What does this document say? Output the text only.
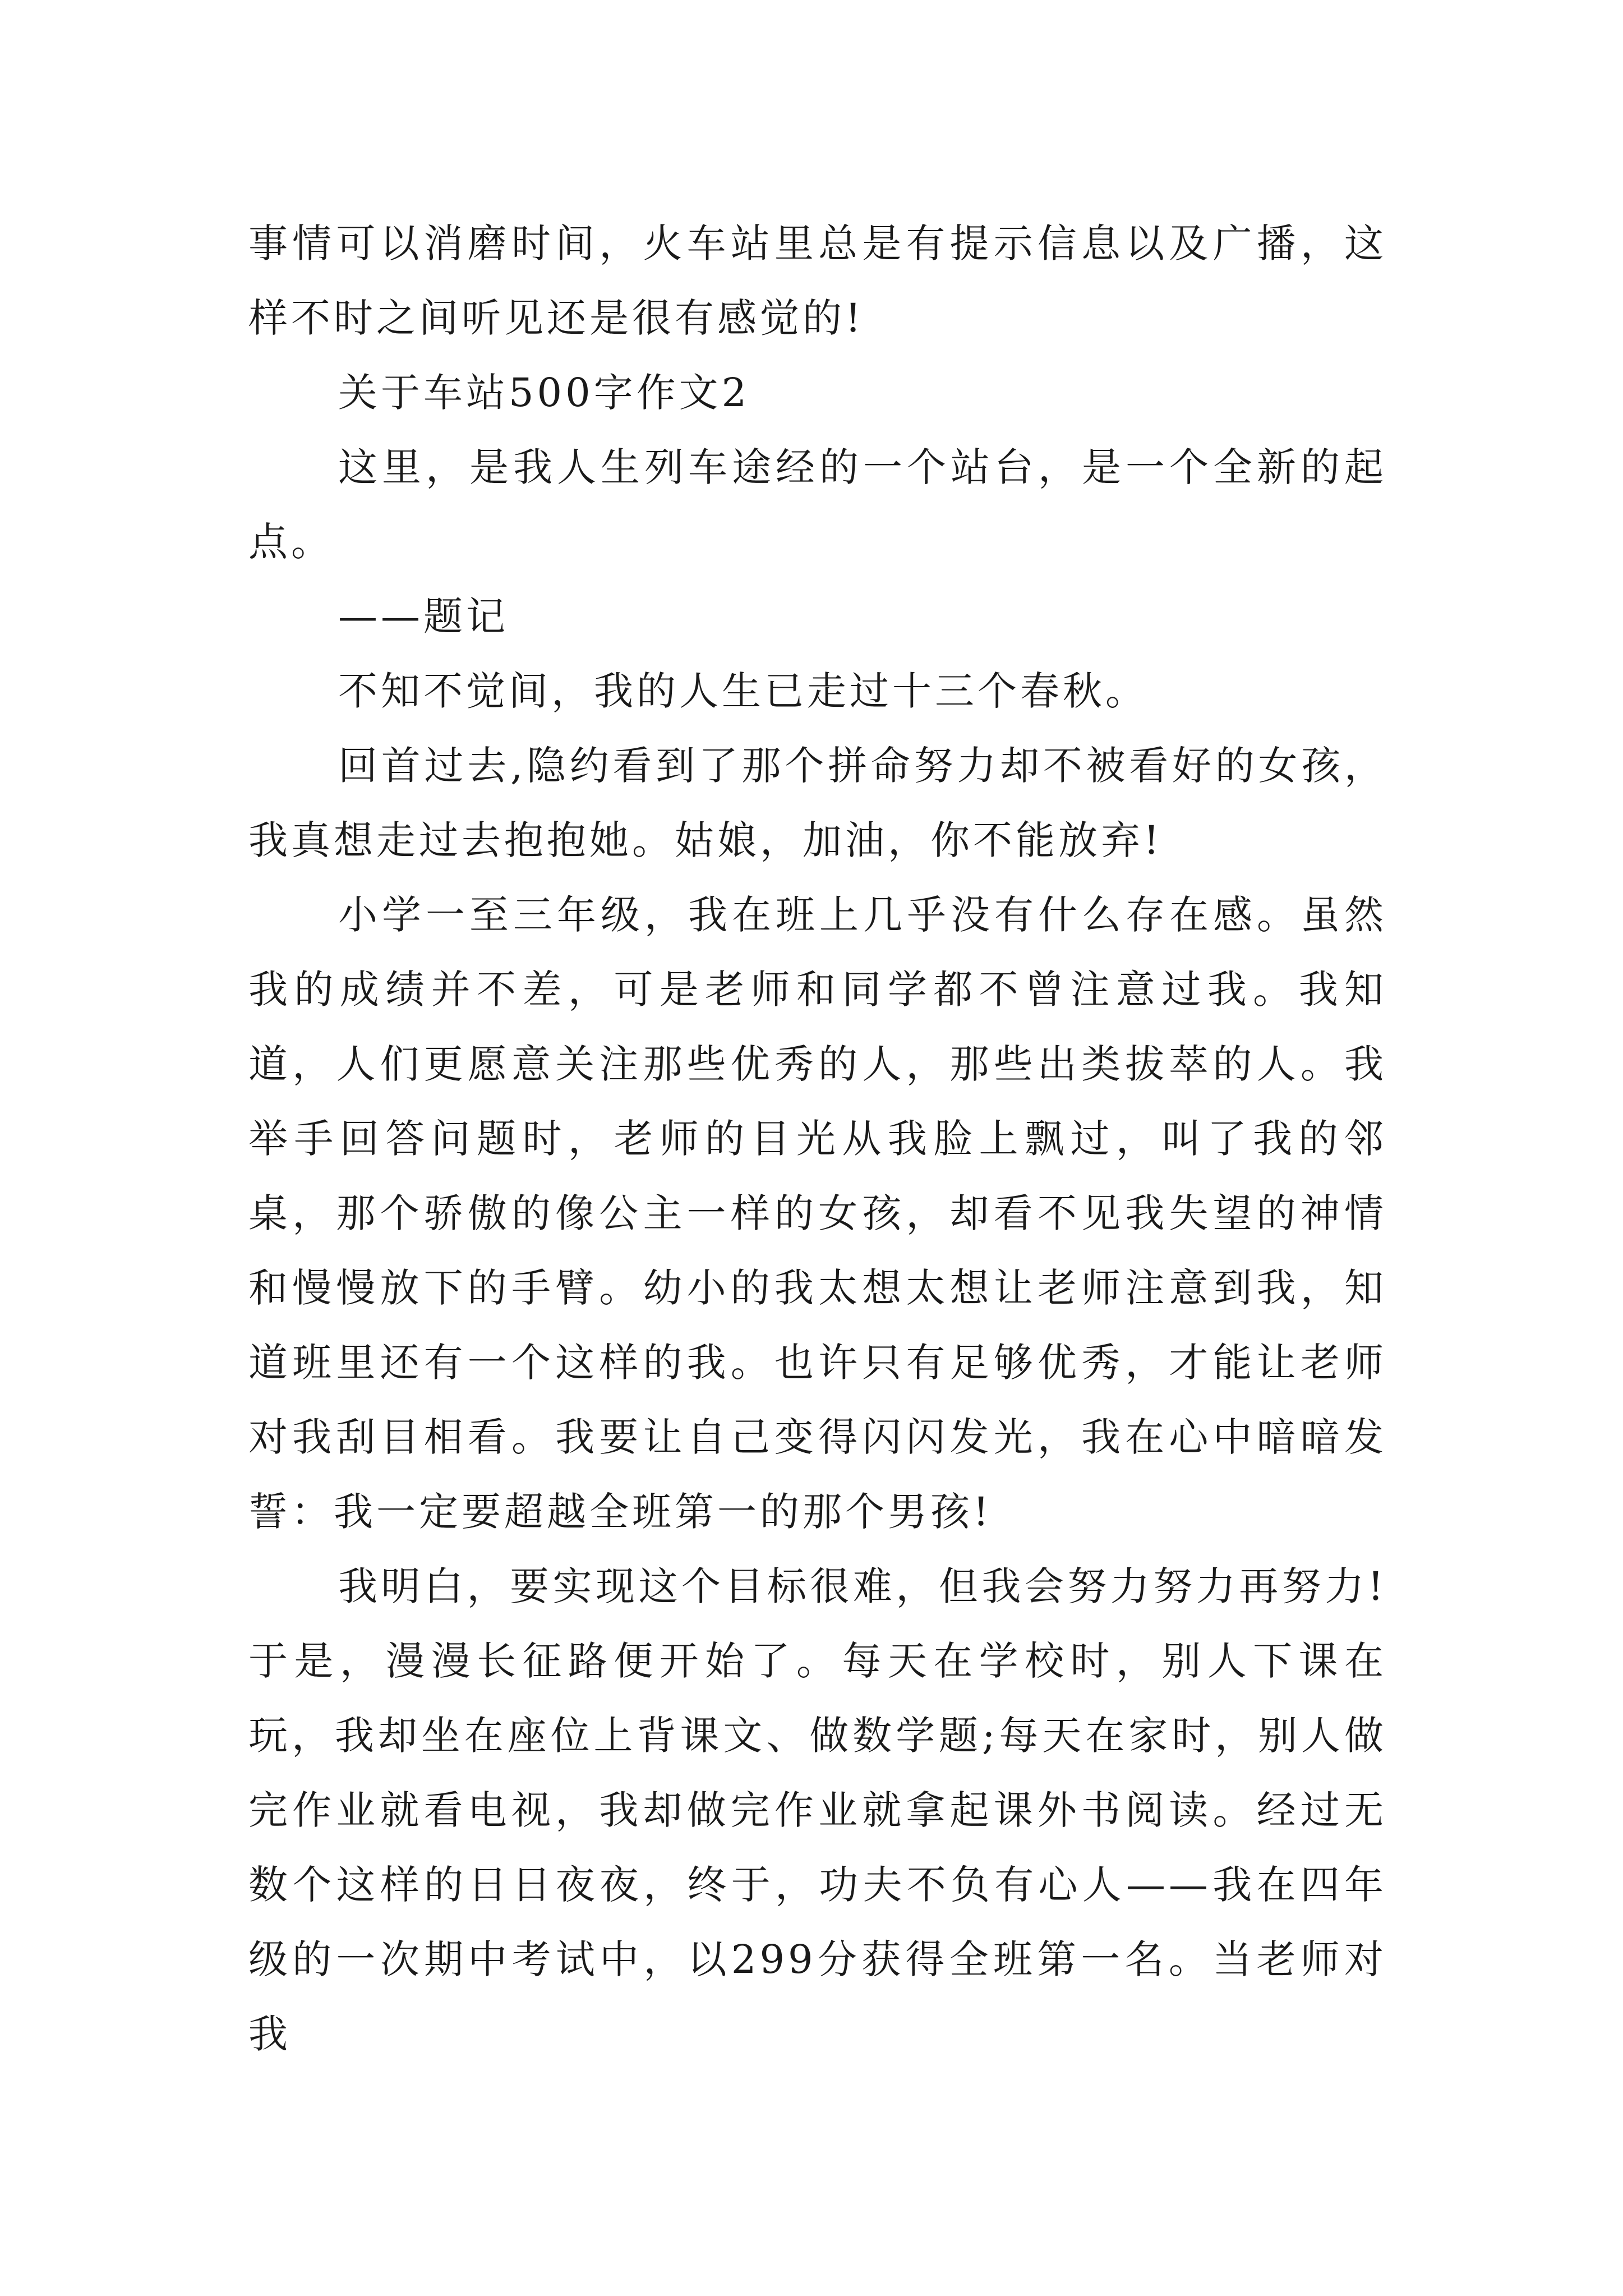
事情可以消磨时间，火车站里总是有提示信息以及广播，这样不时之间听见还是很有感觉的!

关于车站500字作文2

这里，是我人生列车途经的一个站台，是一个全新的起点。

——题记

不知不觉间，我的人生已走过十三个春秋。

回首过去,隐约看到了那个拼命努力却不被看好的女孩，我真想走过去抱抱她。姑娘，加油，你不能放弃!

小学一至三年级，我在班上几乎没有什么存在感。虽然我的成绩并不差，可是老师和同学都不曾注意过我。我知道，人们更愿意关注那些优秀的人，那些出类拔萃的人。我举手回答问题时，老师的目光从我脸上飘过，叫了我的邻桌，那个骄傲的像公主一样的女孩，却看不见我失望的神情和慢慢放下的手臂。幼小的我太想太想让老师注意到我，知道班里还有一个这样的我。也许只有足够优秀，才能让老师对我刮目相看。我要让自己变得闪闪发光，我在心中暗暗发誓：我一定要超越全班第一的那个男孩!

我明白，要实现这个目标很难，但我会努力努力再努力!于是，漫漫长征路便开始了。每天在学校时，别人下课在玩，我却坐在座位上背课文、做数学题;每天在家时，别人做完作业就看电视，我却做完作业就拿起课外书阅读。经过无数个这样的日日夜夜，终于，功夫不负有心人——我在四年级的一次期中考试中，以299分获得全班第一名。当老师对我
